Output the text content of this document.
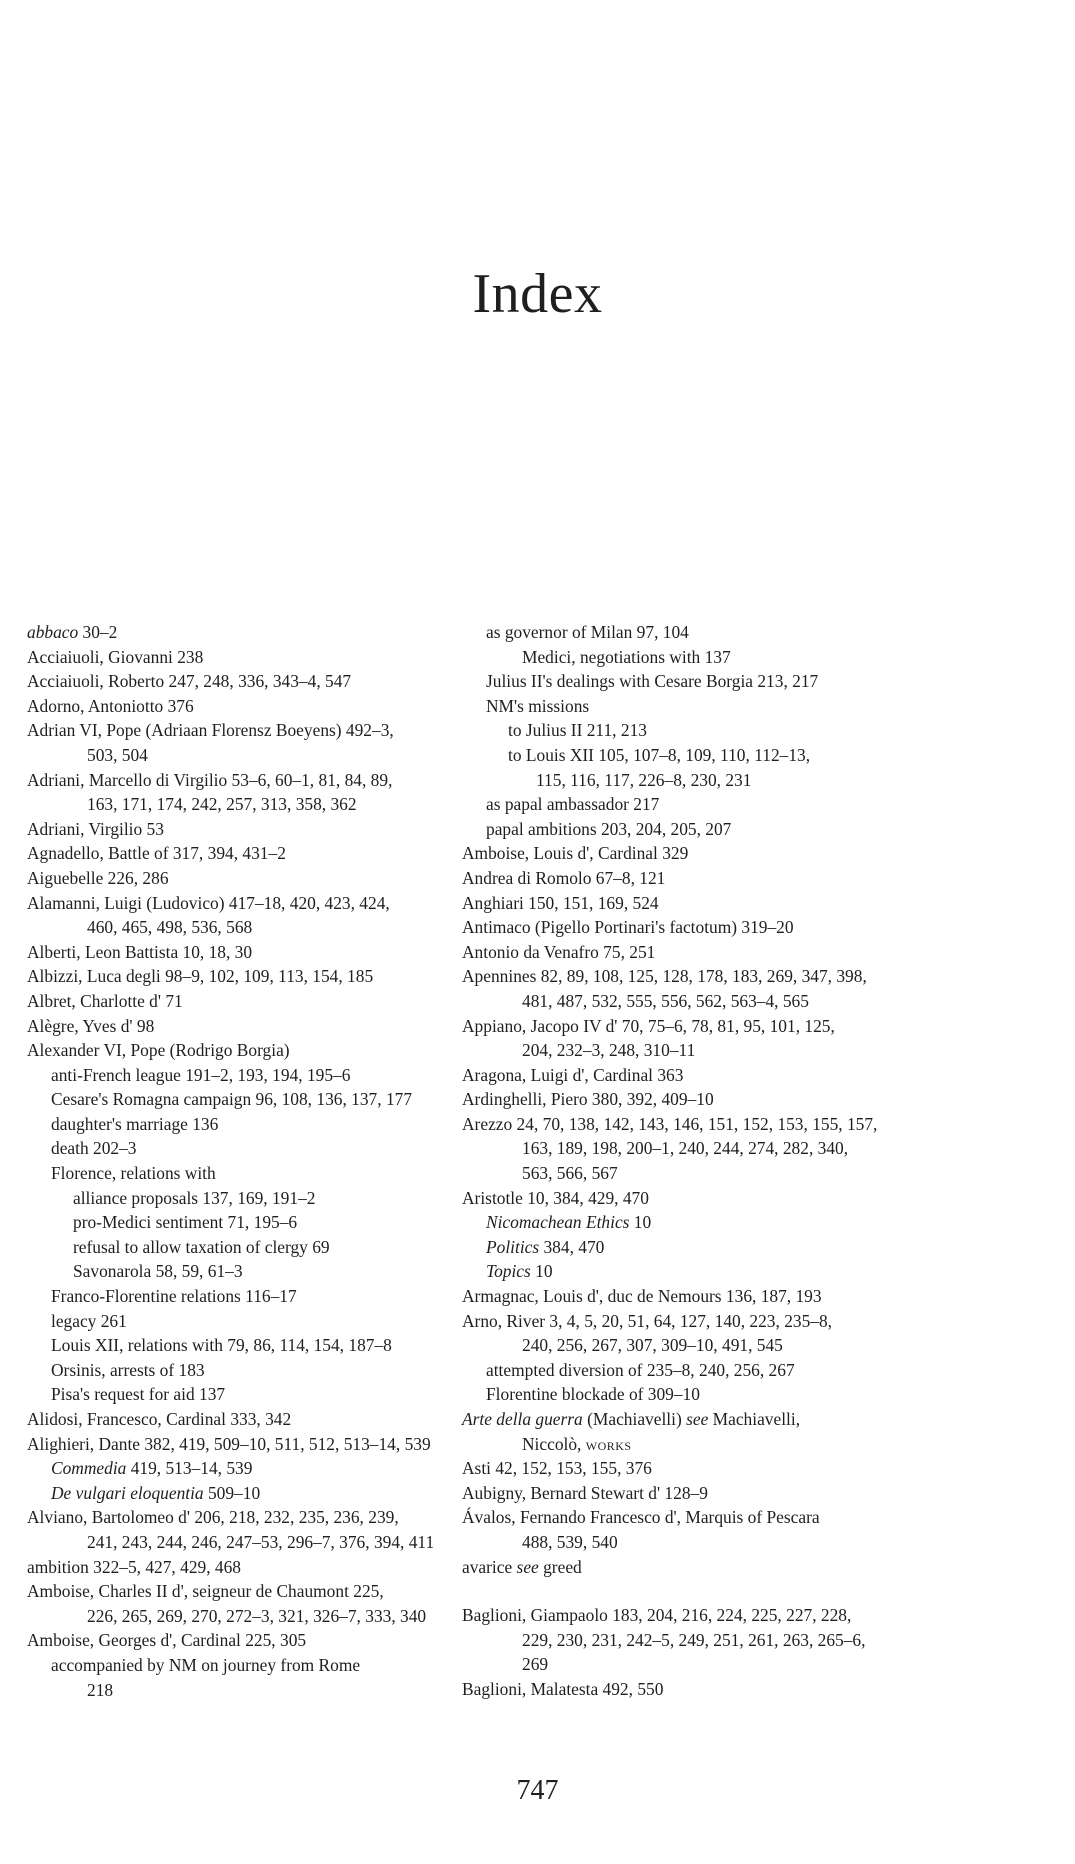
Index
abbaco 30–2
Acciaiuoli, Giovanni 238
Acciaiuoli, Roberto 247, 248, 336, 343–4, 547
Adorno, Antoniotto 376
Adrian VI, Pope (Adriaan Florensz Boeyens) 492–3,
503, 504
Adriani, Marcello di Virgilio 53–6, 60–1, 81, 84, 89,
163, 171, 174, 242, 257, 313, 358, 362
Adriani, Virgilio 53
Agnadello, Battle of 317, 394, 431–2
Aiguebelle 226, 286
Alamanni, Luigi (Ludovico) 417–18, 420, 423, 424,
460, 465, 498, 536, 568
Alberti, Leon Battista 10, 18, 30
Albizzi, Luca degli 98–9, 102, 109, 113, 154, 185
Albret, Charlotte d' 71
Alègre, Yves d' 98
Alexander VI, Pope (Rodrigo Borgia)
anti-French league 191–2, 193, 194, 195–6
Cesare's Romagna campaign 96, 108, 136, 137, 177
daughter's marriage 136
death 202–3
Florence, relations with
alliance proposals 137, 169, 191–2
pro-Medici sentiment 71, 195–6
refusal to allow taxation of clergy 69
Savonarola 58, 59, 61–3
Franco-Florentine relations 116–17
legacy 261
Louis XII, relations with 79, 86, 114, 154, 187–8
Orsinis, arrests of 183
Pisa's request for aid 137
Alidosi, Francesco, Cardinal 333, 342
Alighieri, Dante 382, 419, 509–10, 511, 512, 513–14, 539
Commedia 419, 513–14, 539
De vulgari eloquentia 509–10
Alviano, Bartolomeo d' 206, 218, 232, 235, 236, 239,
241, 243, 244, 246, 247–53, 296–7, 376, 394, 411
ambition 322–5, 427, 429, 468
Amboise, Charles II d', seigneur de Chaumont 225,
226, 265, 269, 270, 272–3, 321, 326–7, 333, 340
Amboise, Georges d', Cardinal 225, 305
accompanied by NM on journey from Rome
218
as governor of Milan 97, 104
Medici, negotiations with 137
Julius II's dealings with Cesare Borgia 213, 217
NM's missions
to Julius II 211, 213
to Louis XII 105, 107–8, 109, 110, 112–13,
115, 116, 117, 226–8, 230, 231
as papal ambassador 217
papal ambitions 203, 204, 205, 207
Amboise, Louis d', Cardinal 329
Andrea di Romolo 67–8, 121
Anghiari 150, 151, 169, 524
Antimaco (Pigello Portinari's factotum) 319–20
Antonio da Venafro 75, 251
Apennines 82, 89, 108, 125, 128, 178, 183, 269, 347, 398,
481, 487, 532, 555, 556, 562, 563–4, 565
Appiano, Jacopo IV d' 70, 75–6, 78, 81, 95, 101, 125,
204, 232–3, 248, 310–11
Aragona, Luigi d', Cardinal 363
Ardinghelli, Piero 380, 392, 409–10
Arezzo 24, 70, 138, 142, 143, 146, 151, 152, 153, 155, 157,
163, 189, 198, 200–1, 240, 244, 274, 282, 340,
563, 566, 567
Aristotle 10, 384, 429, 470
Nicomachean Ethics 10
Politics 384, 470
Topics 10
Armagnac, Louis d', duc de Nemours 136, 187, 193
Arno, River 3, 4, 5, 20, 51, 64, 127, 140, 223, 235–8,
240, 256, 267, 307, 309–10, 491, 545
attempted diversion of 235–8, 240, 256, 267
Florentine blockade of 309–10
Arte della guerra (Machiavelli) see Machiavelli,
Niccolò, works
Asti 42, 152, 153, 155, 376
Aubigny, Bernard Stewart d' 128–9
Ávalos, Fernando Francesco d', Marquis of Pescara
488, 539, 540
avarice see greed
Baglioni, Giampaolo 183, 204, 216, 224, 225, 227, 228,
229, 230, 231, 242–5, 249, 251, 261, 263, 265–6,
269
Baglioni, Malatesta 492, 550
747
